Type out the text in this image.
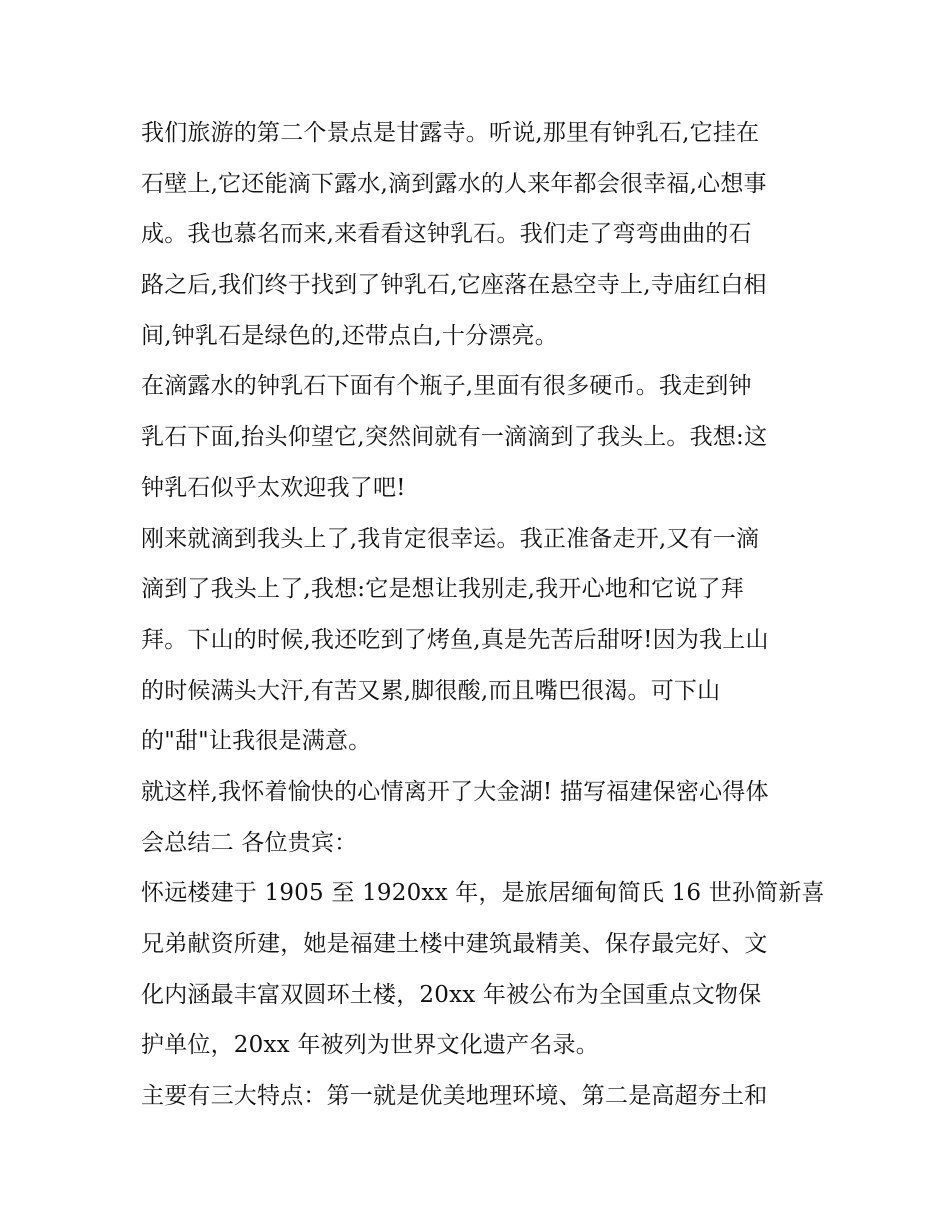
我们旅游的第二个景点是甘露寺。听说,那里有钟乳石,它挂在
石壁上,它还能滴下露水,滴到露水的人来年都会很幸福,心想事
成。我也慕名而来,来看看这钟乳石。我们走了弯弯曲曲的石
路之后,我们终于找到了钟乳石,它座落在悬空寺上,寺庙红白相
间,钟乳石是绿色的,还带点白,十分漂亮。
在滴露水的钟乳石下面有个瓶子,里面有很多硬币。我走到钟
乳石下面,抬头仰望它,突然间就有一滴滴到了我头上。我想:这
钟乳石似乎太欢迎我了吧!
刚来就滴到我头上了,我肯定很幸运。我正准备走开,又有一滴
滴到了我头上了,我想:它是想让我别走,我开心地和它说了拜
拜。下山的时候,我还吃到了烤鱼,真是先苦后甜呀!因为我上山
的时候满头大汗,有苦又累,脚很酸,而且嘴巴很渴。可下山
的"甜"让我很是满意。
就这样,我怀着愉快的心情离开了大金湖! 描写福建保密心得体
会总结二 各位贵宾：
怀远楼建于 1905 至 1920xx 年，是旅居缅甸简氏 16 世孙简新喜
兄弟献资所建，她是福建土楼中建筑最精美、保存最完好、文
化内涵最丰富双圆环土楼，20xx 年被公布为全国重点文物保
护单位，20xx 年被列为世界文化遗产名录。
主要有三大特点：第一就是优美地理环境、第二是高超夯土和
